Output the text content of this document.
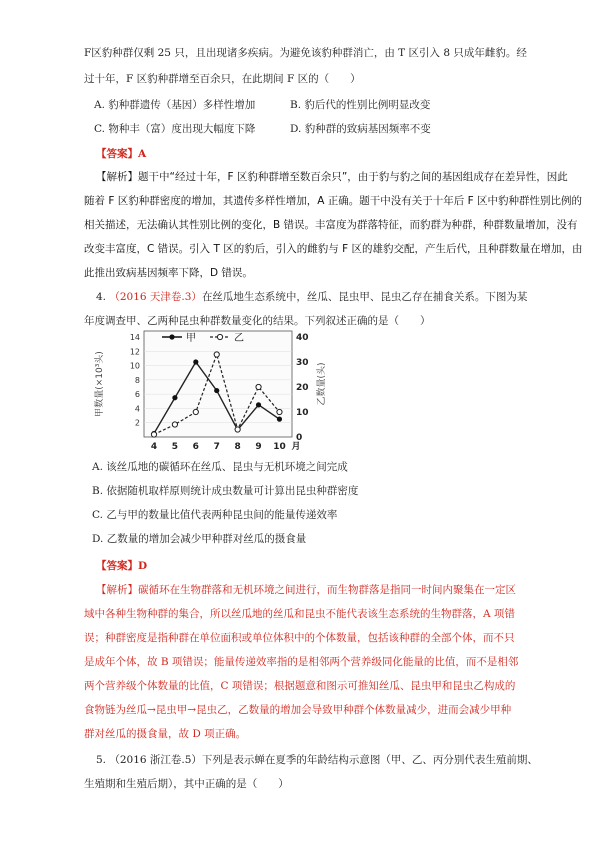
F区豹种群仅剩 25 只，且出现诸多疾病。为避免该豹种群消亡，由 T 区引入 8 只成年雌豹。经
过十年，F 区豹种群增至百余只，在此期间 F 区的（　　）
A. 豹种群遗传（基因）多样性增加	B. 豹后代的性别比例明显改变
C. 物种丰（富）度出现大幅度下降	D. 豹种群的致病基因频率不变
【答案】A
【解析】题干中“经过十年，F 区豹种群增至数百余只”，由于豹与豹之间的基因组成存在差异性，因此
随着 F 区豹种群密度的增加，其遗传多样性增加，A 正确。题干中没有关于十年后 F 区中豹种群性别比例的
相关描述，无法确认其性别比例的变化，B 错误。丰富度为群落特征，而豹群为种群，种群数量增加，没有
改变丰富度，C 错误。引入 T 区的豹后，引入的雌豹与 F 区的雄豹交配，产生后代，且种群数量在增加，由
此推出致病基因频率下降，D 错误。
4. （2016 天津卷.3）在丝瓜地生态系统中，丝瓜、昆虫甲、昆虫乙存在捕食关系。下图为某
年度调查甲、乙两种昆虫种群数量变化的结果。下列叙述正确的是（　　）
甲数量(×10³头)
2
4
6
8
10
12
14
乙数量(头)
0
10
20
30
40
4 5 6 7 8 9 10 月
甲	乙
A. 该丝瓜地的碳循环在丝瓜、昆虫与无机环境之间完成
B. 依据随机取样原则统计成虫数量可计算出昆虫种群密度
C. 乙与甲的数量比值代表两种昆虫间的能量传递效率
D. 乙数量的增加会减少甲种群对丝瓜的摄食量
【答案】D
【解析】碳循环在生物群落和无机环境之间进行，而生物群落是指同一时间内聚集在一定区
域中各种生物种群的集合，所以丝瓜地的丝瓜和昆虫不能代表该生态系统的生物群落，A 项错
误；种群密度是指种群在单位面积或单位体积中的个体数量，包括该种群的全部个体，而不只
是成年个体，故 B 项错误；能量传递效率指的是相邻两个营养级同化能量的比值，而不是相邻
两个营养级个体数量的比值，C 项错误；根据题意和图示可推知丝瓜、昆虫甲和昆虫乙构成的
食物链为丝瓜→昆虫甲→昆虫乙，乙数量的增加会导致甲种群个体数量减少，进而会减少甲种
群对丝瓜的摄食量，故 D 项正确。
5. （2016 浙江卷.5）下列是表示蝉在夏季的年龄结构示意图（甲、乙、丙分别代表生殖前期、
生殖期和生殖后期），其中正确的是（　　）
